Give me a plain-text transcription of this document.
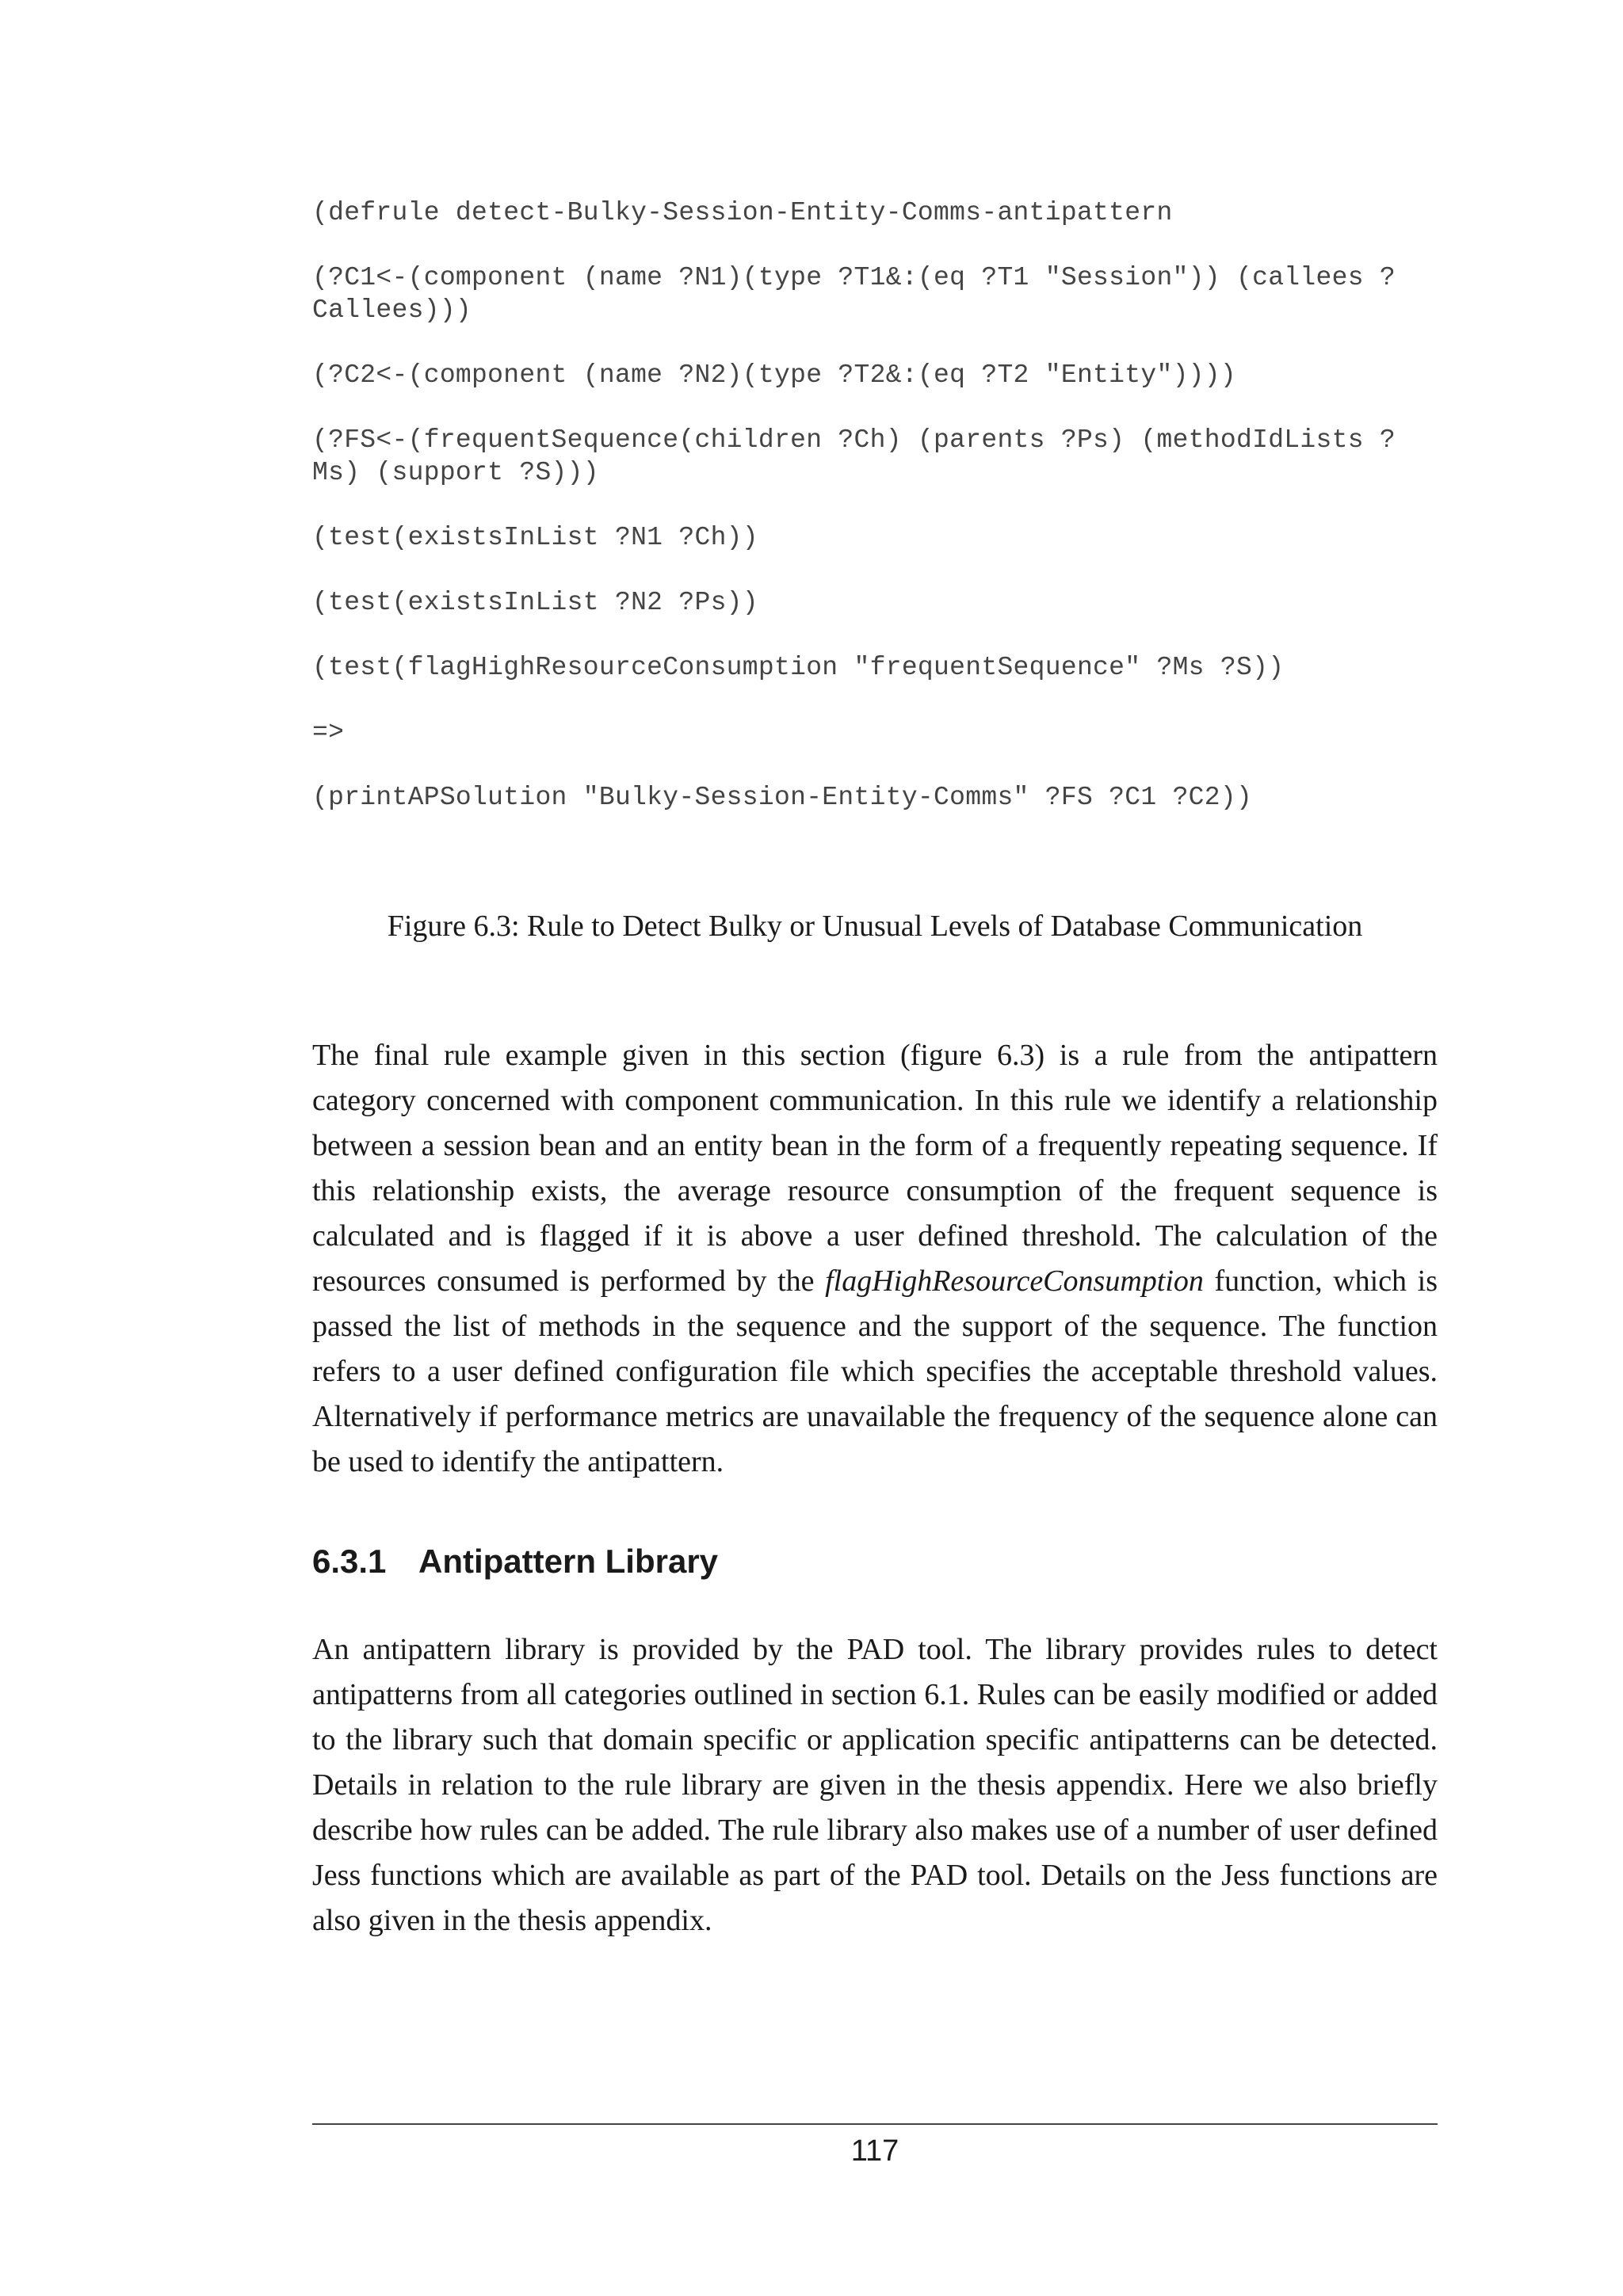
(defrule detect-Bulky-Session-Entity-Comms-antipattern
(?C1<-(component (name ?N1)(type ?T1&:(eq ?T1 "Session")) (callees ?Callees)))
(?C2<-(component (name ?N2)(type ?T2&:(eq ?T2 "Entity"))))
(?FS<-(frequentSequence(children ?Ch) (parents ?Ps) (methodIdLists ?Ms) (support ?S)))
(test(existsInList ?N1 ?Ch))
(test(existsInList ?N2 ?Ps))
(test(flagHighResourceConsumption "frequentSequence" ?Ms ?S))
=>
(printAPSolution "Bulky-Session-Entity-Comms" ?FS ?C1 ?C2))
Figure 6.3: Rule to Detect Bulky or Unusual Levels of Database Communication

The final rule example given in this section (figure 6.3) is a rule from the antipattern category concerned with component communication. In this rule we identify a relationship between a session bean and an entity bean in the form of a frequently repeating sequence. If this relationship exists, the average resource consumption of the frequent sequence is calculated and is flagged if it is above a user defined threshold. The calculation of the resources consumed is performed by the flagHighResourceConsumption function, which is passed the list of methods in the sequence and the support of the sequence. The function refers to a user defined configuration file which specifies the acceptable threshold values. Alternatively if performance metrics are unavailable the frequency of the sequence alone can be used to identify the antipattern.

6.3.1 Antipattern Library

An antipattern library is provided by the PAD tool. The library provides rules to detect antipatterns from all categories outlined in section 6.1. Rules can be easily modified or added to the library such that domain specific or application specific antipatterns can be detected. Details in relation to the rule library are given in the thesis appendix. Here we also briefly describe how rules can be added. The rule library also makes use of a number of user defined Jess functions which are available as part of the PAD tool. Details on the Jess functions are also given in the thesis appendix.

117
